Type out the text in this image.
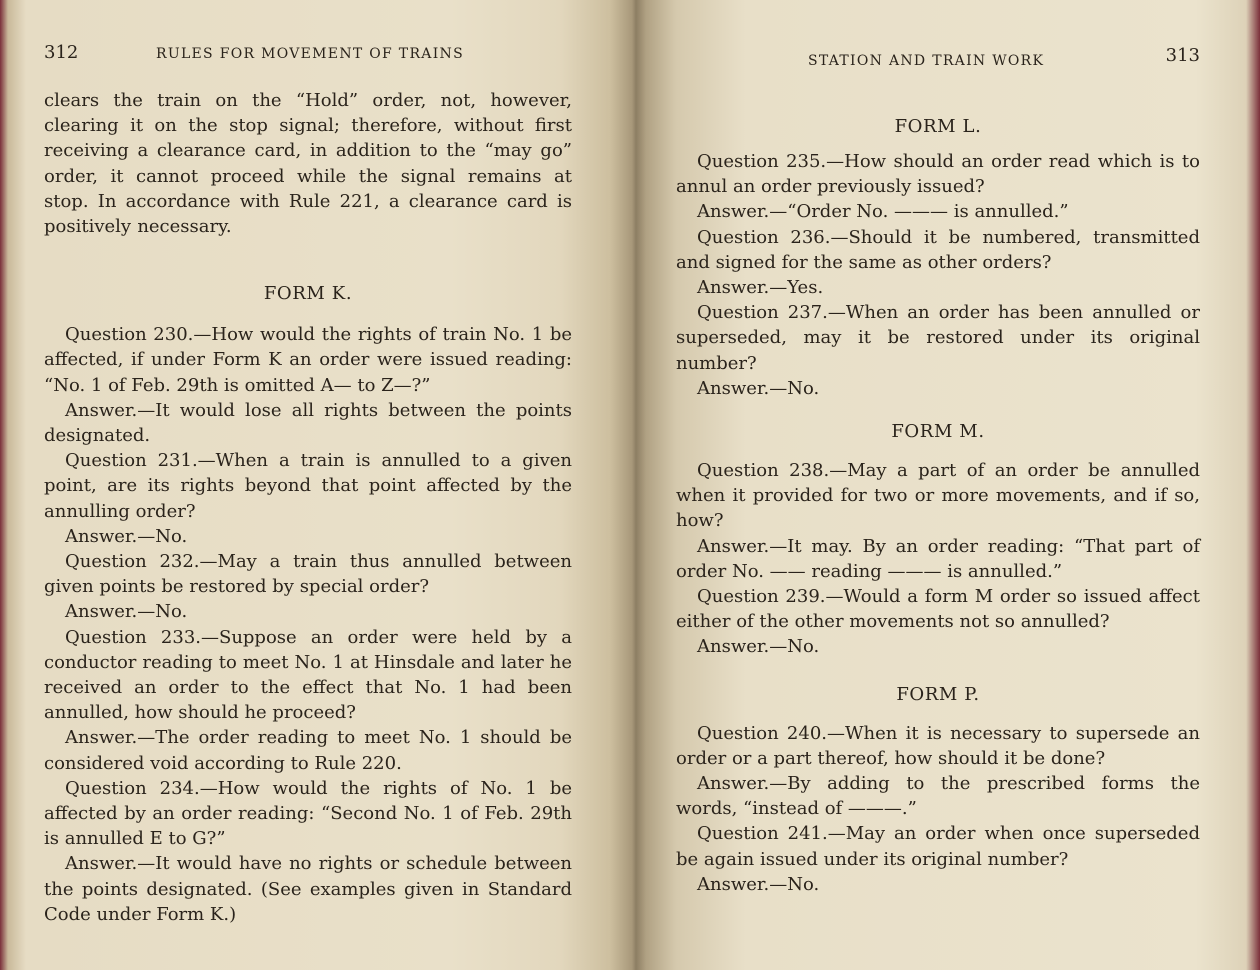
312	RULES FOR MOVEMENT OF TRAINS

clears the train on the “Hold” order, not, however, clearing it on the stop signal; therefore, without first receiving a clearance card, in addition to the “may go” order, it cannot proceed while the signal remains at stop. In accordance with Rule 221, a clearance card is positively necessary.

FORM K.

Question 230.—How would the rights of train No. 1 be affected, if under Form K an order were issued reading: “No. 1 of Feb. 29th is omitted A— to Z—?”

Answer.—It would lose all rights between the points designated.

Question 231.—When a train is annulled to a given point, are its rights beyond that point affected by the annulling order?

Answer.—No.

Question 232.—May a train thus annulled between given points be restored by special order?

Answer.—No.

Question 233.—Suppose an order were held by a conductor reading to meet No. 1 at Hinsdale and later he received an order to the effect that No. 1 had been annulled, how should he proceed?

Answer.—The order reading to meet No. 1 should be considered void according to Rule 220.

Question 234.—How would the rights of No. 1 be affected by an order reading: “Second No. 1 of Feb. 29th is annulled E to G?”

Answer.—It would have no rights or schedule between the points designated. (See examples given in Standard Code under Form K.)

STATION AND TRAIN WORK	313

FORM L.

Question 235.—How should an order read which is to annul an order previously issued?

Answer.—“Order No. ——— is annulled.”

Question 236.—Should it be numbered, transmitted and signed for the same as other orders?

Answer.—Yes.

Question 237.—When an order has been annulled or superseded, may it be restored under its original number?

Answer.—No.

FORM M.

Question 238.—May a part of an order be annulled when it provided for two or more movements, and if so, how?

Answer.—It may. By an order reading: “That part of order No. —— reading ——— is annulled.”

Question 239.—Would a form M order so issued affect either of the other movements not so annulled?

Answer.—No.

FORM P.

Question 240.—When it is necessary to supersede an order or a part thereof, how should it be done?

Answer.—By adding to the prescribed forms the words, “instead of ———.”

Question 241.—May an order when once superseded be again issued under its original number?

Answer.—No.
